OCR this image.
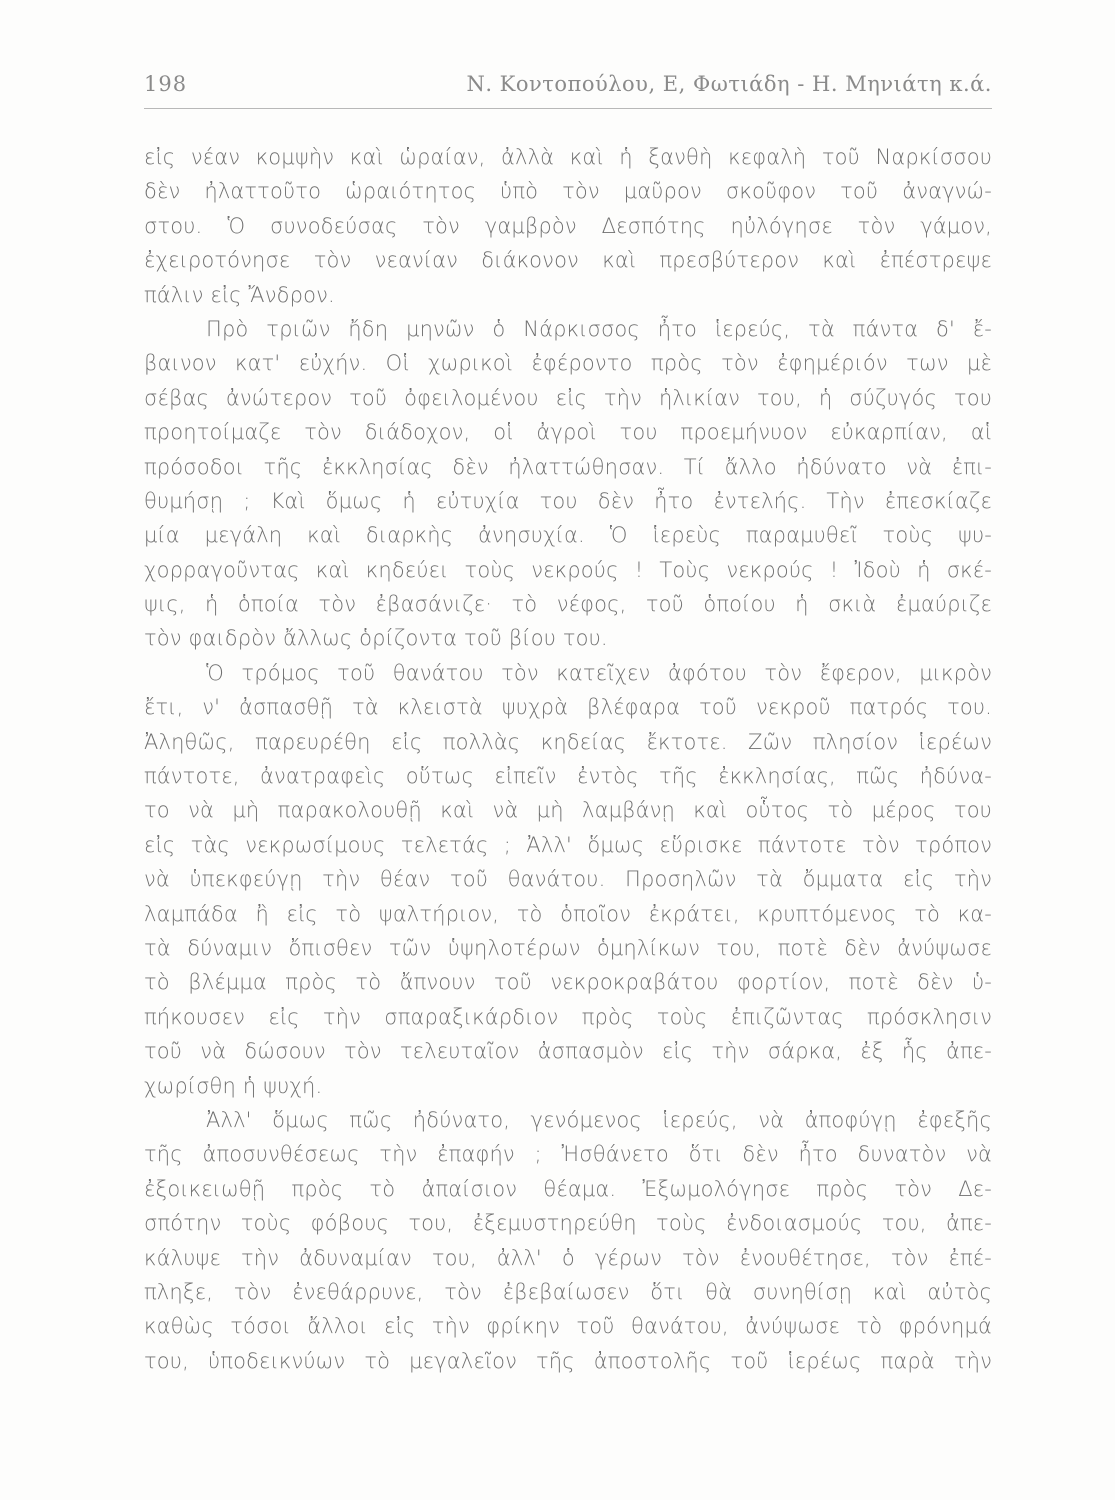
198	Ν. Κοντοπούλου, Ε, Φωτιάδη - Η. Μηνιάτη κ.ά.
εἰς νέαν κομψὴν καὶ ὡραίαν, ἀλλὰ καὶ ἡ ξανθὴ κεφαλὴ τοῦ Ναρκίσσου
δὲν ἠλαττοῦτο ὡραιότητος ὑπὸ τὸν μαῦρον σκοῦφον τοῦ ἀναγνώ-
στου. Ὁ συνοδεύσας τὸν γαμβρὸν Δεσπότης ηὐλόγησε τὸν γάμον,
ἐχειροτόνησε τὸν νεανίαν διάκονον καὶ πρεσβύτερον καὶ ἐπέστρεψε
πάλιν εἰς Ἄνδρον.
Πρὸ τριῶν ἤδη μηνῶν ὁ Νάρκισσος ἦτο ἱερεύς, τὰ πάντα δ' ἔ-
βαινον κατ' εὐχήν. Οἱ χωρικοὶ ἐφέροντο πρὸς τὸν ἐφημέριόν των μὲ
σέβας ἀνώτερον τοῦ ὀφειλομένου εἰς τὴν ἡλικίαν του, ἡ σύζυγός του
προητοίμαζε τὸν διάδοχον, οἱ ἀγροὶ του προεμήνυον εὐκαρπίαν, αἱ
πρόσοδοι τῆς ἐκκλησίας δὲν ἠλαττώθησαν. Τί ἄλλο ἠδύνατο νὰ ἐπι-
θυμήσῃ ; Καὶ ὅμως ἡ εὐτυχία του δὲν ἦτο ἐντελής. Τὴν ἐπεσκίαζε
μία μεγάλη καὶ διαρκὴς ἀνησυχία. Ὁ ἱερεὺς παραμυθεῖ τοὺς ψυ-
χορραγοῦντας καὶ κηδεύει τοὺς νεκρούς ! Τοὺς νεκρούς ! Ἰδοὺ ἡ σκέ-
ψις, ἡ ὁποία τὸν ἐβασάνιζε· τὸ νέφος, τοῦ ὁποίου ἡ σκιὰ ἐμαύριζε
τὸν φαιδρὸν ἄλλως ὁρίζοντα τοῦ βίου του.
Ὁ τρόμος τοῦ θανάτου τὸν κατεῖχεν ἀφότου τὸν ἔφερον, μικρὸν
ἔτι, ν' ἀσπασθῇ τὰ κλειστὰ ψυχρὰ βλέφαρα τοῦ νεκροῦ πατρός του.
Ἀληθῶς, παρευρέθη εἰς πολλὰς κηδείας ἔκτοτε. Ζῶν πλησίον ἱερέων
πάντοτε, ἀνατραφεὶς οὕτως εἰπεῖν ἐντὸς τῆς ἐκκλησίας, πῶς ἠδύνα-
το νὰ μὴ παρακολουθῇ καὶ νὰ μὴ λαμβάνῃ καὶ οὗτος τὸ μέρος του
εἰς τὰς νεκρωσίμους τελετάς ; Ἀλλ' ὅμως εὕρισκε πάντοτε τὸν τρόπον
νὰ ὑπεκφεύγῃ τὴν θέαν τοῦ θανάτου. Προσηλῶν τὰ ὄμματα εἰς τὴν
λαμπάδα ἢ εἰς τὸ ψαλτήριον, τὸ ὁποῖον ἐκράτει, κρυπτόμενος τὸ κα-
τὰ δύναμιν ὄπισθεν τῶν ὑψηλοτέρων ὁμηλίκων του, ποτὲ δὲν ἀνύψωσε
τὸ βλέμμα πρὸς τὸ ἄπνουν τοῦ νεκροκραβάτου φορτίον, ποτὲ δὲν ὑ-
πήκουσεν εἰς τὴν σπαραξικάρδιον πρὸς τοὺς ἐπιζῶντας πρόσκλησιν
τοῦ νὰ δώσουν τὸν τελευταῖον ἀσπασμὸν εἰς τὴν σάρκα, ἐξ ἧς ἀπε-
χωρίσθη ἡ ψυχή.
Ἀλλ' ὅμως πῶς ἠδύνατο, γενόμενος ἱερεύς, νὰ ἀποφύγῃ ἐφεξῆς
τῆς ἀποσυνθέσεως τὴν ἐπαφήν ; Ἠσθάνετο ὅτι δὲν ἦτο δυνατὸν νὰ
ἐξοικειωθῇ πρὸς τὸ ἀπαίσιον θέαμα. Ἐξωμολόγησε πρὸς τὸν Δε-
σπότην τοὺς φόβους του, ἐξεμυστηρεύθη τοὺς ἐνδοιασμούς του, ἀπε-
κάλυψε τὴν ἀδυναμίαν του, ἀλλ' ὁ γέρων τὸν ἐνουθέτησε, τὸν ἐπέ-
πληξε, τὸν ἐνεθάρρυνε, τὸν ἐβεβαίωσεν ὅτι θὰ συνηθίσῃ καὶ αὐτὸς
καθὼς τόσοι ἄλλοι εἰς τὴν φρίκην τοῦ θανάτου, ἀνύψωσε τὸ φρόνημά
του, ὑποδεικνύων τὸ μεγαλεῖον τῆς ἀποστολῆς τοῦ ἱερέως παρὰ τὴν
